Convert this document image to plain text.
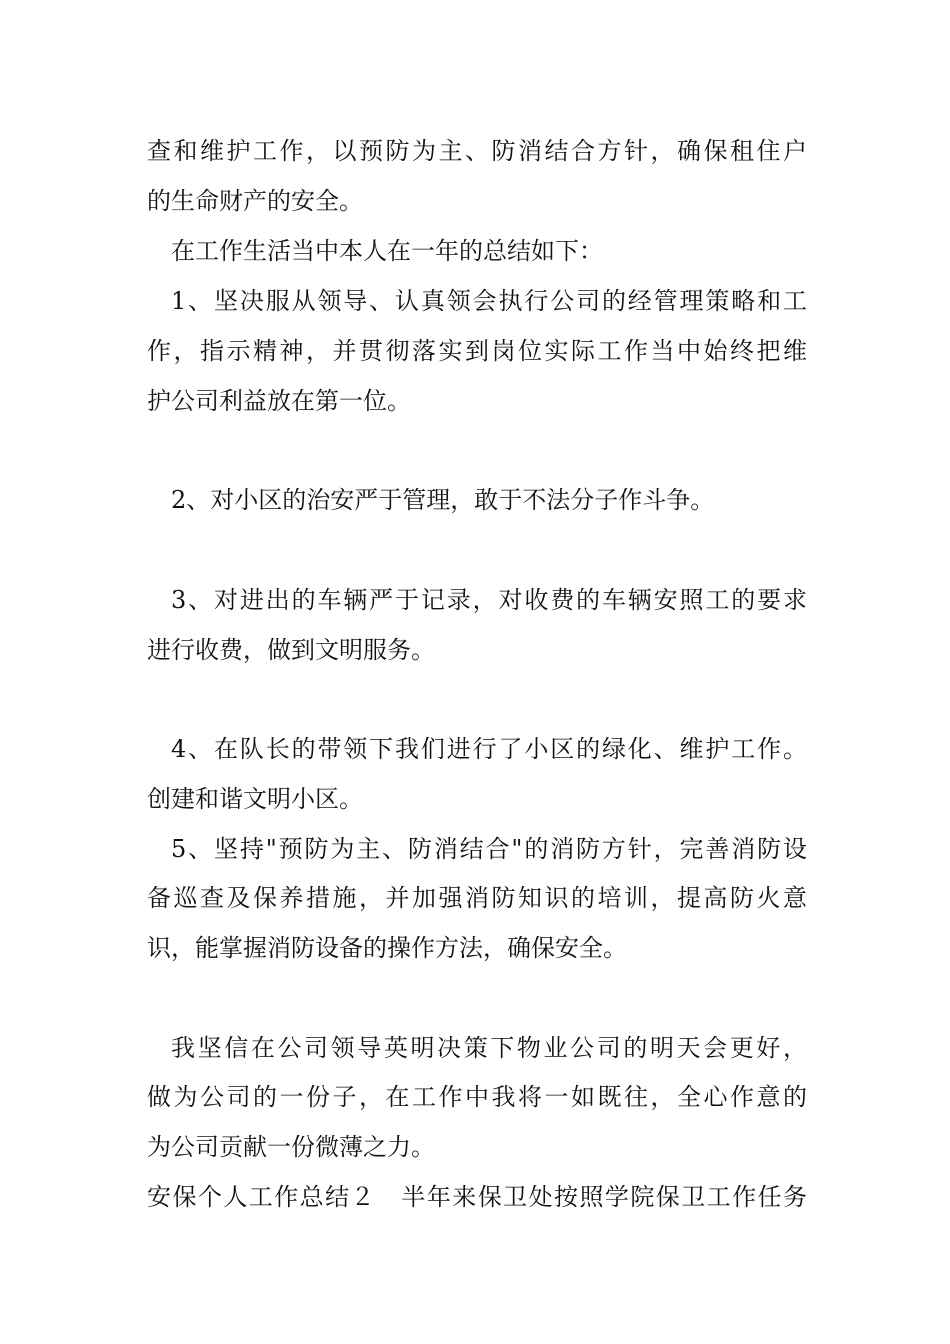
查和维护工作，以预防为主、防消结合方针，确保租住户
的生命财产的安全。
在工作生活当中本人在一年的总结如下：
1、坚决服从领导、认真领会执行公司的经管理策略和工
作，指示精神，并贯彻落实到岗位实际工作当中始终把维
护公司利益放在第一位。
2、对小区的治安严于管理，敢于不法分子作斗争。
3、对进出的车辆严于记录，对收费的车辆安照工的要求
进行收费，做到文明服务。
4、在队长的带领下我们进行了小区的绿化、维护工作。
创建和谐文明小区。
5、坚持"预防为主、防消结合"的消防方针，完善消防设
备巡查及保养措施，并加强消防知识的培训，提高防火意
识，能掌握消防设备的操作方法，确保安全。
我坚信在公司领导英明决策下物业公司的明天会更好，
做为公司的一份子，在工作中我将一如既往，全心作意的
为公司贡献一份微薄之力。
安保个人工作总结２　半年来保卫处按照学院保卫工作任务
